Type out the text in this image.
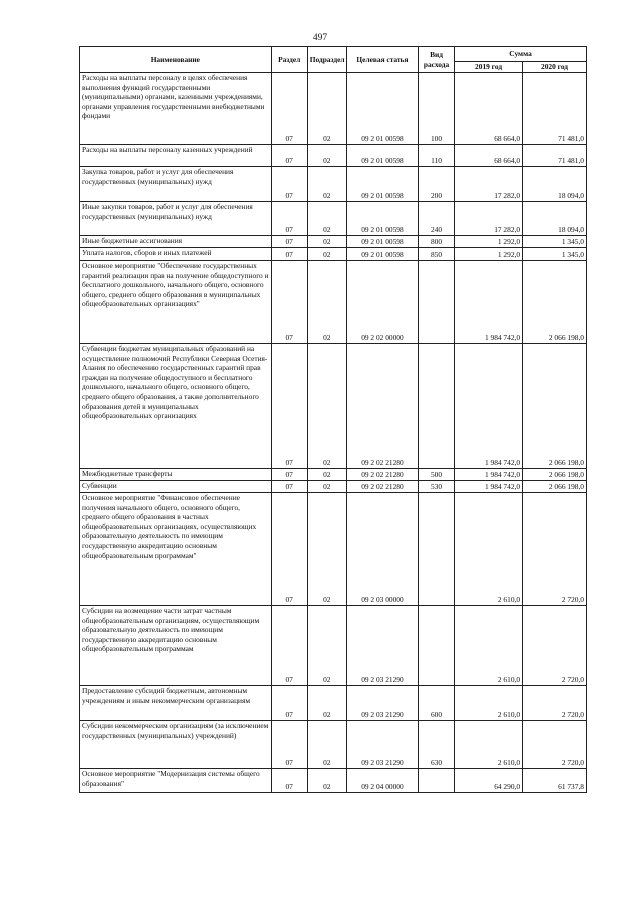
497
Наименование	Раздел	Подраздел	Целевая статья	Вид расхода	Сумма	
					2019 год	2020 год
Расходы на выплаты персоналу в целях обеспечения выполнения функций государственными (муниципальными) органами, казенными учреждениями, органами управления государственными внебюджетными фондами	07	02	09 2 01 00598	100	68 664,0	71 481,0
Расходы на выплаты персоналу казенных учреждений	07	02	09 2 01 00598	110	68 664,0	71 481,0
Закупка товаров, работ и услуг для обеспечения государственных (муниципальных) нужд	07	02	09 2 01 00598	200	17 282,0	18 094,0
Иные закупки товаров, работ и услуг для обеспечения государственных (муниципальных) нужд	07	02	09 2 01 00598	240	17 282,0	18 094,0
Иные бюджетные ассигнования	07	02	09 2 01 00598	800	1 292,0	1 345,0
Уплата налогов, сборов и иных платежей	07	02	09 2 01 00598	850	1 292,0	1 345,0
Основное мероприятие "Обеспечение государственных гарантий реализации прав на получение общедоступного и бесплатного дошкольного, начального общего, основного общего, среднего общего образования в муниципальных общеобразовательных организациях"	07	02	09 2 02 00000		1 984 742,0	2 066 198,0
Субвенции бюджетам муниципальных образований на осуществление полномочий Республики Северная Осетия-Алания по обеспечению государственных гарантий прав граждан на получение общедоступного и бесплатного дошкольного, начального общего, основного общего, среднего общего образования, а также дополнительного образования детей в муниципальных общеобразовательных организациях	07	02	09 2 02 21280		1 984 742,0	2 066 198,0
Межбюджетные трансферты	07	02	09 2 02 21280	500	1 984 742,0	2 066 198,0
Субвенции	07	02	09 2 02 21280	530	1 984 742,0	2 066 198,0
Основное мероприятие "Финансовое обеспечение получения начального общего, основного общего, среднего общего образования в частных общеобразовательных организациях, осуществляющих образовательную деятельность по имеющим государственную аккредитацию основным общеобразовательным программам"	07	02	09 2 03 00000		2 610,0	2 720,0
Субсидии на возмещение части затрат частным общеобразовательным организациям, осуществляющим образовательную деятельность по имеющим государственную аккредитацию основным общеобразовательным программам	07	02	09 2 03 21290		2 610,0	2 720,0
Предоставление субсидий бюджетным, автономным учреждениям и иным некоммерческим организациям	07	02	09 2 03 21290	600	2 610,0	2 720,0
Субсидии некоммерческим организациям (за исключением государственных (муниципальных) учреждений)	07	02	09 2 03 21290	630	2 610,0	2 720,0
Основное мероприятие "Модернизация системы общего образования"	07	02	09 2 04 00000		64 290,0	61 737,8
